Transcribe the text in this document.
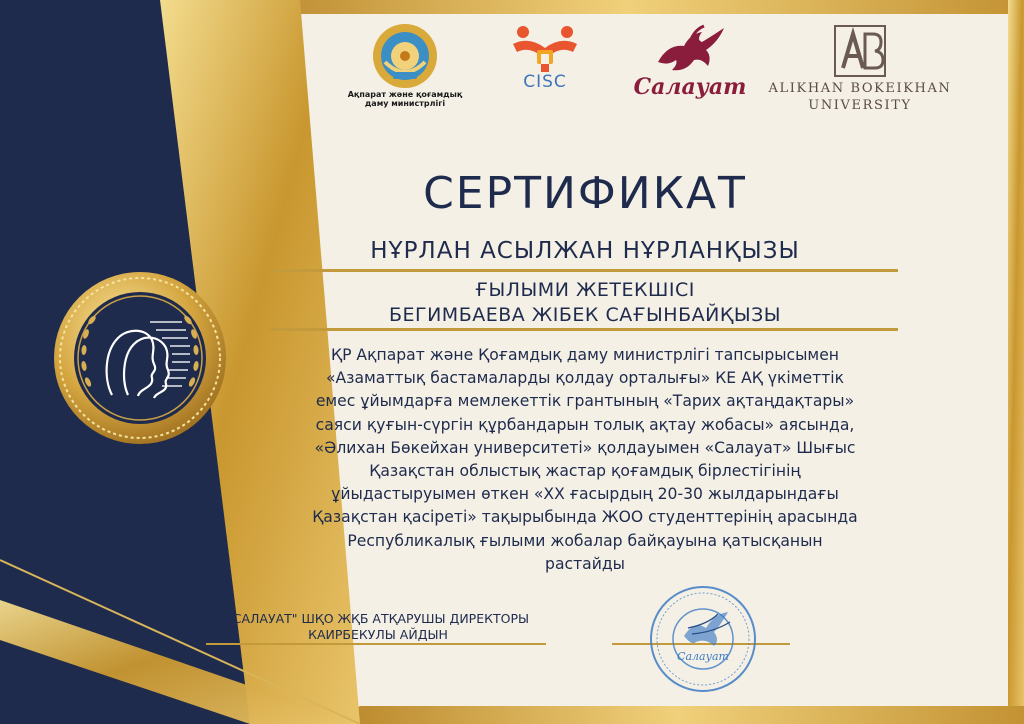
Ақпарат және қоғамдық
даму министрлігі
CISC	Салауат ALIKHAN BOKEIKHAN
UNIVERSITY
СЕРТИФИКАТ
НҰРЛАН АСЫЛЖАН НҰРЛАНҚЫЗЫ
ҒЫЛЫМИ ЖЕТЕКШІСІ
БЕГИМБАЕВА ЖІБЕК САҒЫНБАЙҚЫЗЫ
ҚР Ақпарат және Қоғамдық даму министрлігі тапсырысымен
«Азаматтық бастамаларды қолдау орталығы» КЕ АҚ үкіметтік
емес ұйымдарға мемлекеттік грантының «Тарих ақтаңдақтары»
саяси қуғын-сүргін құрбандарын толық ақтау жобасы» аясында,
«Әлихан Бөкейхан университеті» қолдауымен «Салауат» Шығыс
Қазақстан облыстық жастар қоғамдық бірлестігінің
ұйыдастыруымен өткен «ХХ ғасырдың 20-30 жылдарындағы
Қазақстан қасіреті» тақырыбында ЖОО студенттерінің арасында
Республикалық ғылыми жобалар байқауына қатысқанын
растайды
"САЛАУАТ" ШҚО ЖҚБ АТҚАРУШЫ ДИРЕКТОРЫ
КАИРБЕКУЛЫ АЙДЫН
Салауат
